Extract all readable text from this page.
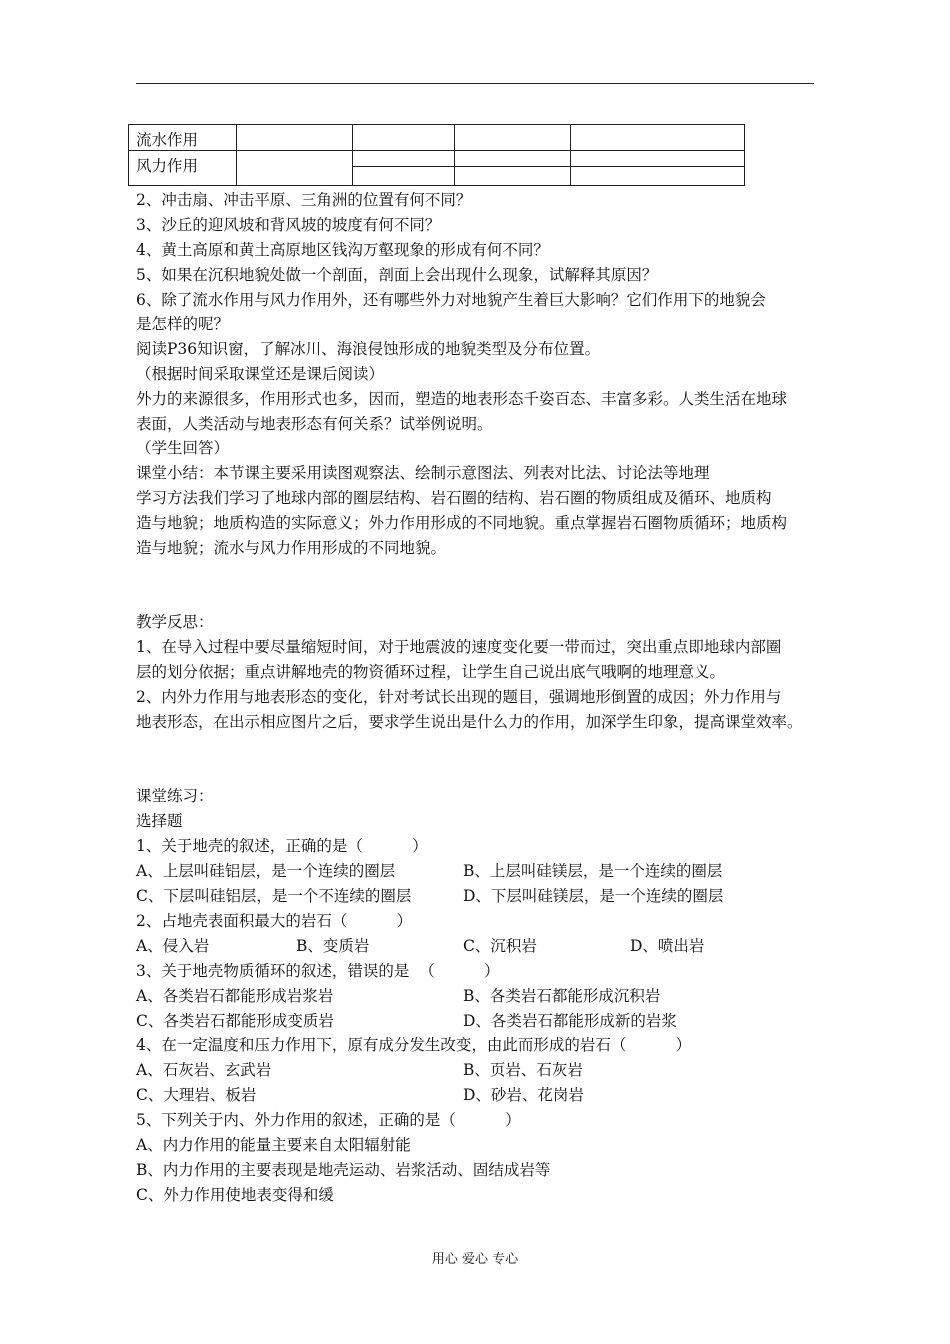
流水作用
风力作用
2、冲击扇、冲击平原、三角洲的位置有何不同？
3、沙丘的迎风坡和背风坡的坡度有何不同？
4、黄土高原和黄土高原地区钱沟万壑现象的形成有何不同？
5、如果在沉积地貌处做一个剖面，剖面上会出现什么现象，试解释其原因？
6、除了流水作用与风力作用外，还有哪些外力对地貌产生着巨大影响？它们作用下的地貌会
是怎样的呢？
阅读P36知识窗，了解冰川、海浪侵蚀形成的地貌类型及分布位置。
（根据时间采取课堂还是课后阅读）
外力的来源很多，作用形式也多，因而，塑造的地表形态千姿百态、丰富多彩。人类生活在地球
表面，人类活动与地表形态有何关系？试举例说明。
（学生回答）
课堂小结：本节课主要采用读图观察法、绘制示意图法、列表对比法、讨论法等地理
学习方法我们学习了地球内部的圈层结构、岩石圈的结构、岩石圈的物质组成及循环、地质构
造与地貌；地质构造的实际意义；外力作用形成的不同地貌。重点掌握岩石圈物质循环；地质构
造与地貌；流水与风力作用形成的不同地貌。
教学反思：
1、在导入过程中要尽量缩短时间，对于地震波的速度变化要一带而过，突出重点即地球内部圈
层的划分依据；重点讲解地壳的物资循环过程，让学生自己说出底气哦啊的地理意义。
2、内外力作用与地表形态的变化，针对考试长出现的题目，强调地形倒置的成因；外力作用与
地表形态，在出示相应图片之后，要求学生说出是什么力的作用，加深学生印象，提高课堂效率。
课堂练习：
选择题
1、关于地壳的叙述，正确的是（          ）
A、上层叫硅铝层，是一个连续的圈层	B、上层叫硅镁层，是一个连续的圈层
C、下层叫硅铝层，是一个不连续的圈层	D、下层叫硅镁层，是一个连续的圈层
2、占地壳表面积最大的岩石（          ）
A、侵入岩	B、变质岩	C、沉积岩	D、喷出岩
3、关于地壳物质循环的叙述，错误的是  （          ）
A、各类岩石都能形成岩浆岩	B、各类岩石都能形成沉积岩
C、各类岩石都能形成变质岩	D、各类岩石都能形成新的岩浆
4、在一定温度和压力作用下，原有成分发生改变，由此而形成的岩石（          ）
A、石灰岩、玄武岩	B、页岩、石灰岩
C、大理岩、板岩	D、砂岩、花岗岩
5、下列关于内、外力作用的叙述，正确的是（          ）
A、内力作用的能量主要来自太阳辐射能
B、内力作用的主要表现是地壳运动、岩浆活动、固结成岩等
C、外力作用使地表变得和缓
用心 爱心 专心
